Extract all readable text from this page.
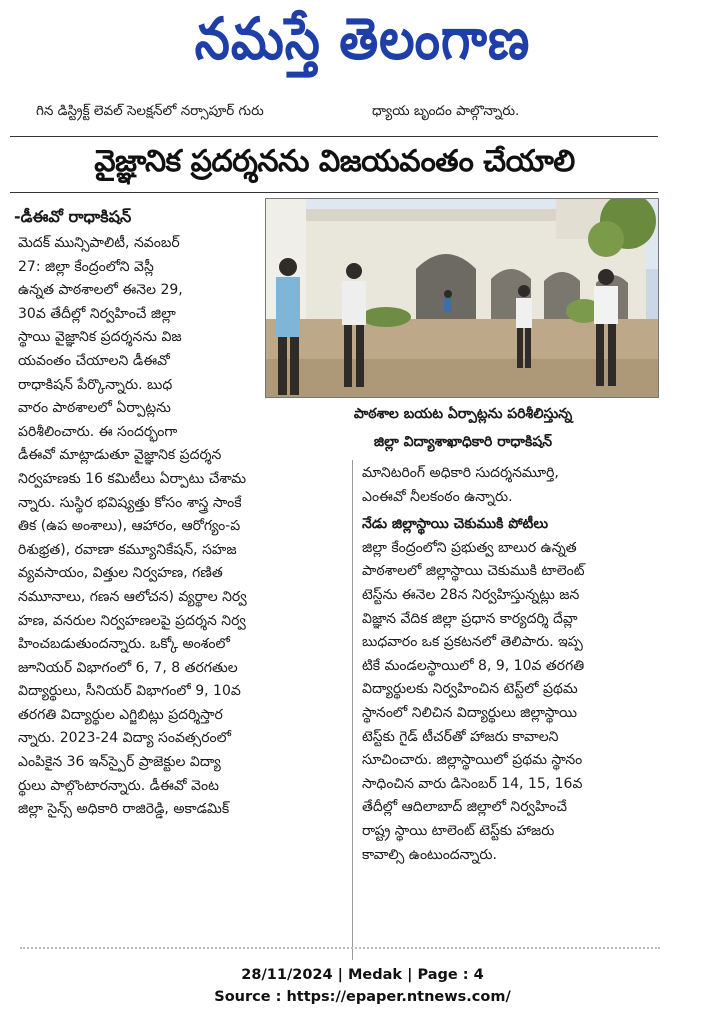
నమస్తే తెలంగాణ
గిన డిస్ట్రిక్ట్ లెవల్ సెలక్షన్‌లో నర్సాపూర్ గురు	ధ్యాయ బృందం పాల్గొన్నారు.
వైజ్ఞానిక ప్రదర్శనను విజయవంతం చేయాలి
-డీఈవో రాధాకిషన్

పాఠశాల బయట ఏర్పాట్లను పరిశీలిస్తున్న

జిల్లా విద్యాశాఖాధికారి రాధాకిషన్

మెదక్ మున్సిపాలిటీ, నవంబర్

27: జిల్లా కేంద్రంలోని వెస్లీ

ఉన్నత పాఠశాలలో ఈనెల 29,

30వ తేదీల్లో నిర్వహించే జిల్లా

స్థాయి వైజ్ఞానిక ప్రదర్శనను విజ

యవంతం చేయాలని డీఈవో

రాధాకిషన్ పేర్కొన్నారు. బుధ

వారం పాఠశాలలో ఏర్పాట్లను

పరిశీలించారు. ఈ సందర్భంగా

డీఈవో మాట్లాడుతూ వైజ్ఞానిక ప్రదర్శన

నిర్వహణకు 16 కమిటీలు ఏర్పాటు చేశామ

న్నారు. సుస్థిర భవిష్యత్తు కోసం శాస్త్ర సాంకే

తిక (ఉప అంశాలు), ఆహారం, ఆరోగ్యం-ప

రిశుభ్రత), రవాణా కమ్యూనికేషన్, సహజ

వ్యవసాయం, విత్తుల నిర్వహణ, గణిత

నమూనాలు, గణన ఆలోచన) వ్యర్థాల నిర్వ

హణ, వనరుల నిర్వహణలపై ప్రదర్శన నిర్వ

హించబడుతుందన్నారు. ఒక్కో అంశంలో

జూనియర్ విభాగంలో 6, 7, 8 తరగతుల

విద్యార్థులు, సీనియర్ విభాగంలో 9, 10వ

తరగతి విద్యార్థుల ఎగ్జిబిట్లు ప్రదర్శిస్తార

న్నారు. 2023-24 విద్యా సంవత్సరంలో

ఎంపికైన 36 ఇన్‌స్పైర్ ప్రాజెక్టుల విద్యా

ర్థులు పాల్గొంటారన్నారు. డీఈవో వెంట

జిల్లా సైన్స్ అధికారి రాజిరెడ్డి, అకాడమిక్

మానిటరింగ్ అధికారి సుదర్శనమూర్తి,

ఎంఈవో నీలకంఠం ఉన్నారు.

నేడు జిల్లాస్థాయి చెకుముకి పోటీలు

జిల్లా కేంద్రంలోని ప్రభుత్వ బాలుర ఉన్నత

పాఠశాలలో జిల్లాస్థాయి చెకుముకి టాలెంట్

టెస్ట్‌ను ఈనెల 28న నిర్వహిస్తున్నట్లు జన

విజ్ఞాన వేదిక జిల్లా ప్రధాన కార్యదర్శి దేవ్లా

బుధవారం ఒక ప్రకటనలో తెలిపారు. ఇప్ప

టికే మండలస్థాయిలో 8, 9, 10వ తరగతి

విద్యార్థులకు నిర్వహించిన టెస్ట్‌లో ప్రథమ

స్థానంలో నిలిచిన విద్యార్థులు జిల్లాస్థాయి

టెస్ట్‌కు గైడ్ టీచర్‌తో హాజరు కావాలని

సూచించారు. జిల్లాస్థాయిలో ప్రథమ స్థానం

సాధించిన వారు డిసెంబర్ 14, 15, 16వ

తేదీల్లో ఆదిలాబాద్ జిల్లాలో నిర్వహించే

రాష్ట్ర స్థాయి టాలెంట్ టెస్ట్‌కు హాజరు

కావాల్సి ఉంటుందన్నారు.

28/11/2024 | Medak | Page : 4

Source : https://epaper.ntnews.com/
